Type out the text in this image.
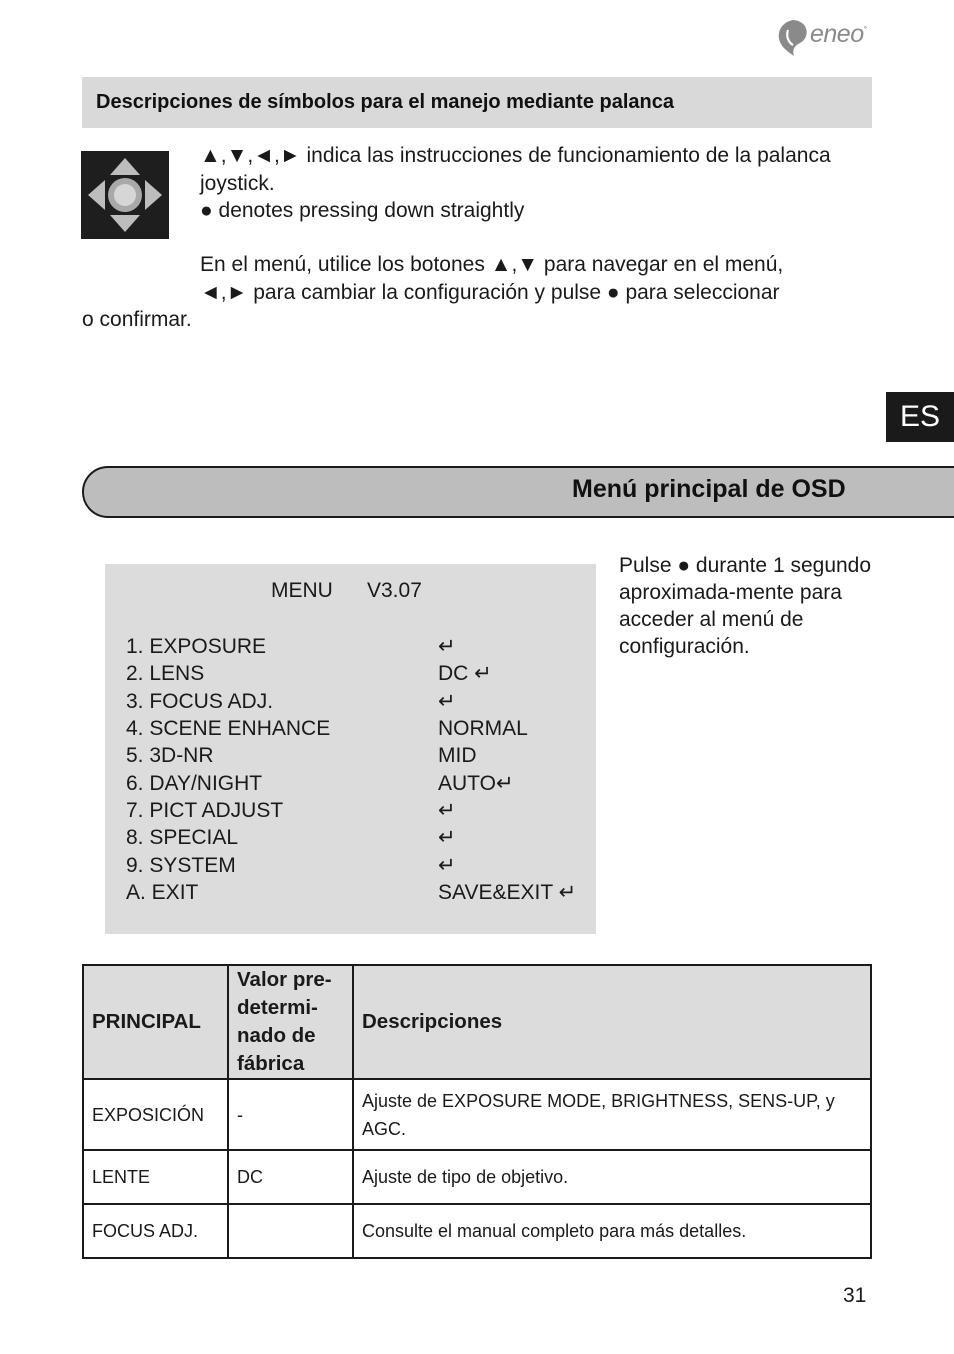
eneo°
Descripciones de símbolos para el manejo mediante palanca
▲,▼,◄,► indica las instrucciones de funcionamiento de la palanca joystick.
● denotes pressing down straightly
En el menú, utilice los botones ▲,▼ para navegar en el menú,
◄,► para cambiar la configuración y pulse ● para seleccionar
o confirmar.
ES
Menú principal de OSD
MENU V3.07
1. EXPOSURE	↵
2. LENS	DC ↵
3. FOCUS ADJ.	↵
4. SCENE ENHANCE	NORMAL
5. 3D-NR	MID
6. DAY/NIGHT	AUTO↵
7. PICT ADJUST	↵
8. SPECIAL	↵
9. SYSTEM	↵
A. EXIT	SAVE&EXIT ↵
Pulse ● durante 1 segundo aproximada-mente para acceder al menú de configuración.
PRINCIPAL	Valor pre-determi-nado de fábrica	Descripciones
EXPOSICIÓN	-	Ajuste de EXPOSURE MODE, BRIGHTNESS, SENS-UP, y AGC.
LENTE	DC	Ajuste de tipo de objetivo.
FOCUS ADJ.		Consulte el manual completo para más detalles.
31
